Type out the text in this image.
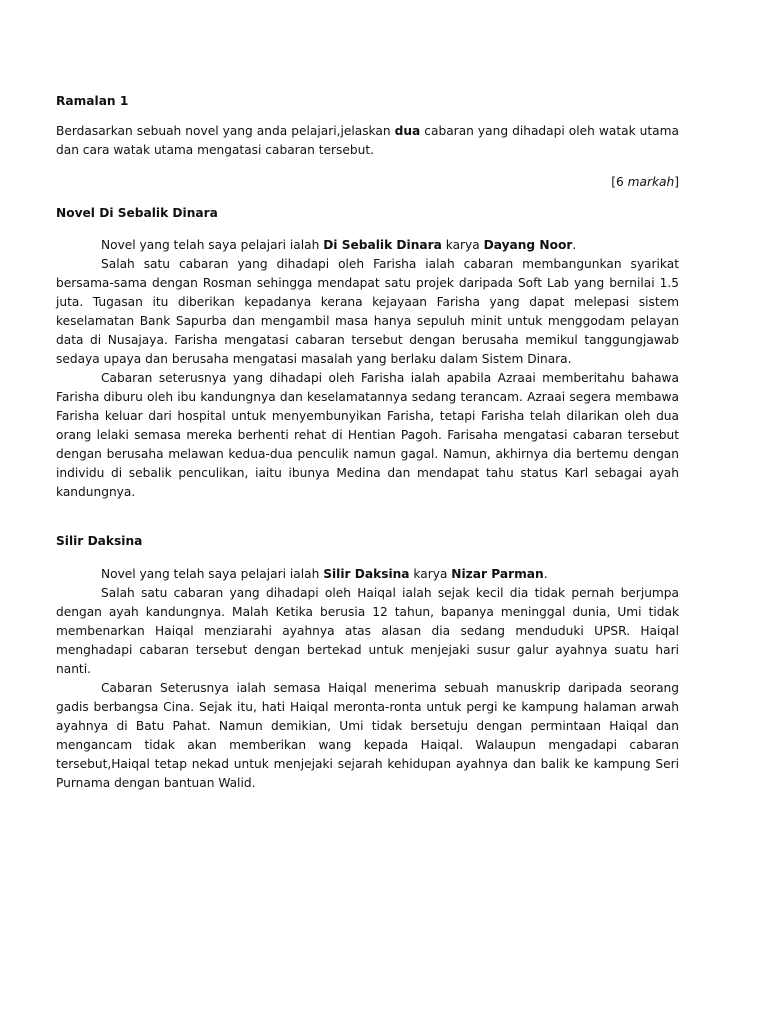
Ramalan 1

Berdasarkan sebuah novel yang anda pelajari,jelaskan dua cabaran yang dihadapi oleh watak utama dan cara watak utama mengatasi cabaran tersebut.

[6 markah]

Novel Di Sebalik Dinara

Novel yang telah saya pelajari ialah Di Sebalik Dinara karya Dayang Noor.

Salah satu cabaran yang dihadapi oleh Farisha ialah cabaran membangunkan syarikat bersama-sama dengan Rosman sehingga mendapat satu projek daripada Soft Lab yang bernilai 1.5 juta. Tugasan itu diberikan kepadanya kerana kejayaan Farisha yang dapat melepasi sistem keselamatan Bank Sapurba dan mengambil masa hanya sepuluh minit untuk menggodam pelayan data di Nusajaya. Farisha mengatasi cabaran tersebut dengan berusaha memikul tanggungjawab sedaya upaya dan berusaha mengatasi masalah yang berlaku dalam Sistem Dinara.

Cabaran seterusnya yang dihadapi oleh Farisha ialah apabila Azraai memberitahu bahawa Farisha diburu oleh ibu kandungnya dan keselamatannya sedang terancam. Azraai segera membawa Farisha keluar dari hospital untuk menyembunyikan Farisha, tetapi Farisha telah dilarikan oleh dua orang lelaki semasa mereka berhenti rehat di Hentian Pagoh. Farisaha mengatasi cabaran tersebut dengan berusaha melawan kedua-dua penculik namun gagal. Namun, akhirnya dia bertemu dengan individu di sebalik penculikan, iaitu ibunya Medina dan mendapat tahu status Karl sebagai ayah kandungnya.

Silir Daksina

Novel yang telah saya pelajari ialah Silir Daksina karya Nizar Parman.

Salah satu cabaran yang dihadapi oleh Haiqal ialah sejak kecil dia tidak pernah berjumpa dengan ayah kandungnya. Malah Ketika berusia 12 tahun, bapanya meninggal dunia, Umi tidak membenarkan Haiqal menziarahi ayahnya atas alasan dia sedang menduduki UPSR. Haiqal menghadapi cabaran tersebut dengan bertekad untuk menjejaki susur galur ayahnya suatu hari nanti.

Cabaran Seterusnya ialah semasa Haiqal menerima sebuah manuskrip daripada seorang gadis berbangsa Cina. Sejak itu, hati Haiqal meronta-ronta untuk pergi ke kampung halaman arwah ayahnya di Batu Pahat. Namun demikian, Umi tidak bersetuju dengan permintaan Haiqal dan mengancam tidak akan memberikan wang kepada Haiqal. Walaupun mengadapi cabaran tersebut,Haiqal tetap nekad untuk menjejaki sejarah kehidupan ayahnya dan balik ke kampung Seri Purnama dengan bantuan Walid.
